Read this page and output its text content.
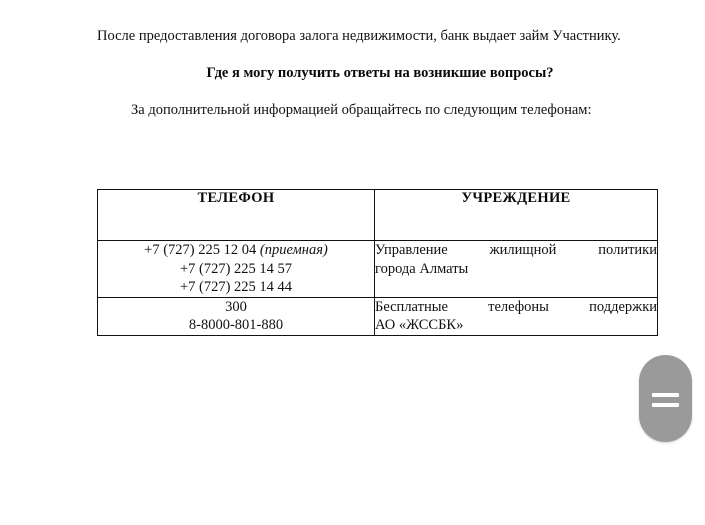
После предоставления договора залога недвижимости, банк выдает займ Участнику.

Где я могу получить ответы на возникшие вопросы?

За дополнительной информацией обращайтесь по следующим телефонам:

ТЕЛЕФОН	УЧРЕЖДЕНИЕ

+7 (727) 225 12 04 (приемная)
+7 (727) 225 14 57
+7 (727) 225 14 44	Управление жилищной политики
города Алматы

300
8-8000-801-880	Бесплатные телефоны поддержки
АО «ЖССБК»
